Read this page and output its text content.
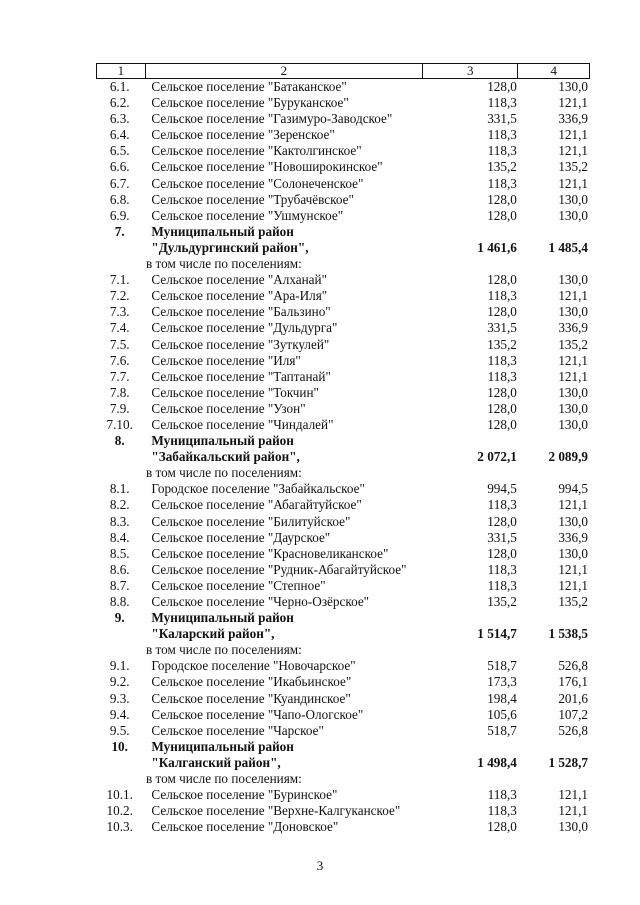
1	2	3	4
6.1.	Сельское поселение "Батаканское"	128,0	130,0
6.2.	Сельское поселение "Буруканское"	118,3	121,1
6.3.	Сельское поселение "Газимуро-Заводское"	331,5	336,9
6.4.	Сельское поселение "Зеренское"	118,3	121,1
6.5.	Сельское поселение "Кактолгинское"	118,3	121,1
6.6.	Сельское поселение "Новоширокинское"	135,2	135,2
6.7.	Сельское поселение "Солонеченское"	118,3	121,1
6.8.	Сельское поселение "Трубачёвское"	128,0	130,0
6.9.	Сельское поселение "Ушмунское"	128,0	130,0
7.	Муниципальный район
"Дульдургинский район",	1 461,6	1 485,4
в том числе по поселениям:
7.1.	Сельское поселение "Алханай"	128,0	130,0
7.2.	Сельское поселение "Ара-Иля"	118,3	121,1
7.3.	Сельское поселение "Бальзино"	128,0	130,0
7.4.	Сельское поселение "Дульдурга"	331,5	336,9
7.5.	Сельское поселение "Зуткулей"	135,2	135,2
7.6.	Сельское поселение "Иля"	118,3	121,1
7.7.	Сельское поселение "Таптанай"	118,3	121,1
7.8.	Сельское поселение "Токчин"	128,0	130,0
7.9.	Сельское поселение "Узон"	128,0	130,0
7.10.	Сельское поселение "Чиндалей"	128,0	130,0
8.	Муниципальный район
"Забайкальский район",	2 072,1	2 089,9
в том числе по поселениям:
8.1.	Городское поселение "Забайкальское"	994,5	994,5
8.2.	Сельское поселение "Абагайтуйское"	118,3	121,1
8.3.	Сельское поселение "Билитуйское"	128,0	130,0
8.4.	Сельское поселение "Даурское"	331,5	336,9
8.5.	Сельское поселение "Красновеликанское"	128,0	130,0
8.6.	Сельское поселение "Рудник-Абагайтуйское"	118,3	121,1
8.7.	Сельское поселение "Степное"	118,3	121,1
8.8.	Сельское поселение "Черно-Озёрское"	135,2	135,2
9.	Муниципальный район
"Каларский район",	1 514,7	1 538,5
в том числе по поселениям:
9.1.	Городское поселение "Новочарское"	518,7	526,8
9.2.	Сельское поселение "Икабьинское"	173,3	176,1
9.3.	Сельское поселение "Куандинское"	198,4	201,6
9.4.	Сельское поселение "Чапо-Ологское"	105,6	107,2
9.5.	Сельское поселение "Чарское"	518,7	526,8
10.	Муниципальный район
"Калганский район",	1 498,4	1 528,7
в том числе по поселениям:
10.1.	Сельское поселение "Буринское"	118,3	121,1
10.2.	Сельское поселение "Верхне-Калгуканское"	118,3	121,1
10.3.	Сельское поселение "Доновское"	128,0	130,0
3
